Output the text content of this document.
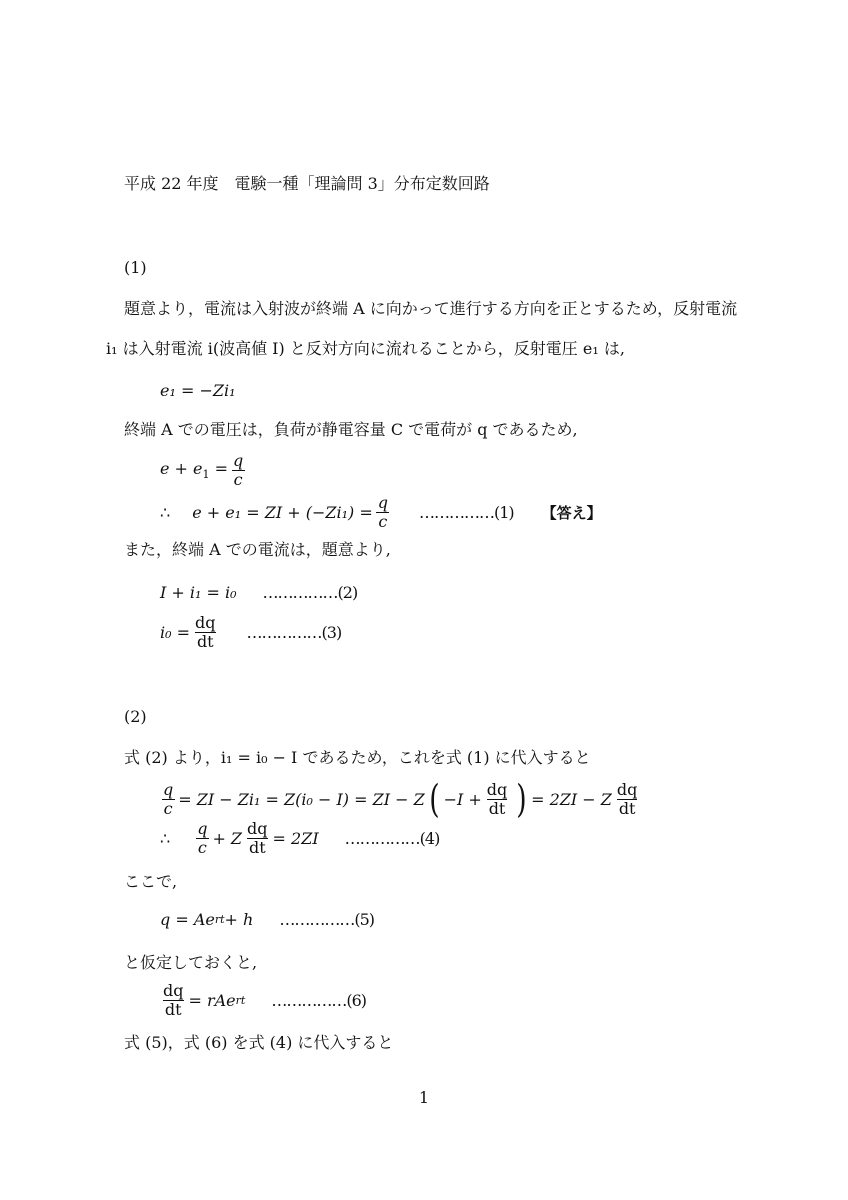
平成 22 年度　電験一種「理論問 3」分布定数回路
(1)
題意より，電流は入射波が終端 A に向かって進行する方向を正とするため，反射電流
i₁ は入射電流 i(波高値 I) と反対方向に流れることから，反射電圧 e₁ は,
e₁ = −Zi₁
終端 A での電圧は，負荷が静電容量 C で電荷が q であるため,
$e + e_1 = \frac{q}{c}$
∴ e + e₁ = ZI + $(-Zi_1) = \frac{q}{c}$ ……………(1) 【答え】
また，終端 A での電流は，題意より,
I + i₁ = i₀ ……………(2)
$i_0 = \frac{dq}{dt}$ ……………(3)
(2)
式 (2) より，i₁ = i₀ − I であるため，これを式 (1) に代入すると
$\frac{q}{c}$ = ZI − Zi₁ = Z(i₀ − I) = ZI − Z ( $-I + \frac{dq}{dt}$ ) = 2ZI − Z $\frac{dq}{dt}$
∴ $\frac{q}{c} + Z \frac{dq}{dt} = 2ZI$ ……………(4)
ここで,
q = Ae rt + h ……………(5)
と仮定しておくと,
$\frac{dq}{dt}$ = rAe rt ……………(6)
式 (5)，式 (6) を式 (4) に代入すると
1
